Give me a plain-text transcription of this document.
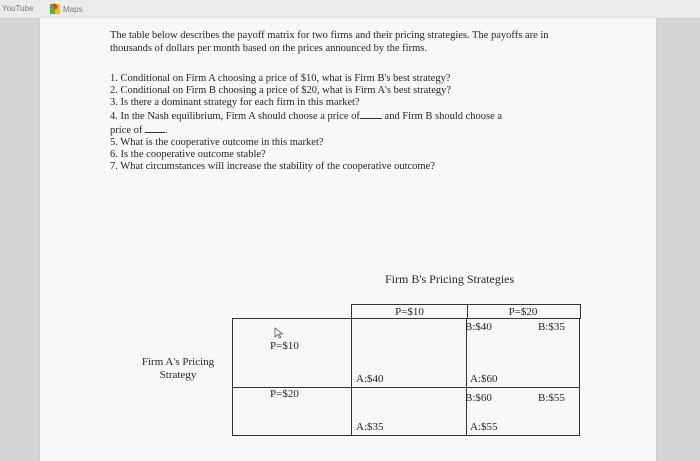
YouTube	Maps

The table below describes the payoff matrix for two firms and their pricing strategies. The payoffs are in thousands of dollars per month based on the prices announced by the firms.

1. Conditional on Firm A choosing a price of $10, what is Firm B's best strategy?
2. Conditional on Firm B choosing a price of $20, what is Firm A's best strategy?
3. Is there a dominant strategy for each firm in this market?
4. In the Nash equilibrium, Firm A should choose a price of and Firm B should choose a
price of .
5. What is the cooperative outcome in this market?
6. Is the cooperative outcome stable?
7. What circumstances will increase the stability of the cooperative outcome?
Firm B's Pricing Strategies
P=$10	P=$20
B:$40
A:$40
B:$35
A:$60
B:$60
A:$35
B:$55
A:$55
P=$10
P=$20
Firm A's Pricing Strategy
